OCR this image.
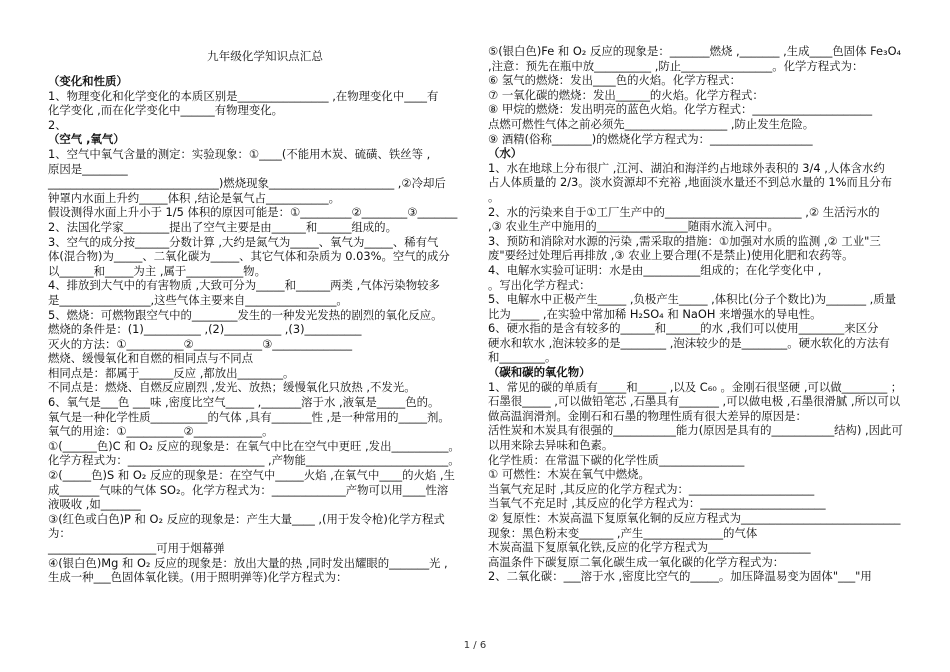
九年级化学知识点汇总

（变化和性质）

1、物理变化和化学变化的本质区别是________________ ,在物理变化中____有

化学变化 ,而在化学变化中______有物理变化。

2、

（空气 ,氧气）

1、空气中氧气含量的测定：实验现象：①____(不能用木炭、硫磺、铁丝等 ,

原因是________

______________________________)燃烧现象______________________ ,②冷却后

钟罩内水面上升约_____体积 ,结论是氧气占___________。

假设测得水面上升小于 1/5 体积的原因可能是：①_________②________③_______

2、法国化学家________提出了空气主要是由______和______组成的。

3、空气的成分按______分数计算 ,大约是氮气为_____、氧气为_____、稀有气

体(混合物)为_____、二氧化碳为_____、其它气体和杂质为 0.03%。空气的成分

以______和_____为主 ,属于__________物。

4、排放到大气中的有害物质 ,大致可分为_____和______两类 ,气体污染物较多

是________________,这些气体主要来自________________。

5、燃烧：可燃物跟空气中的________发生的一种发光发热的剧烈的氧化反应。

燃烧的条件是：(1)__________ ,(2)__________ ,(3)__________

灭火的方法：①__________②____________③______________

燃烧、缓慢氧化和自燃的相同点与不同点

相同点是：都属于______反应 ,都放出________。

不同点是：燃烧、自燃反应剧烈 ,发光、放热；缓慢氧化只放热 ,不发光。

6、氧气是___色 ___味 ,密度比空气_____ ,_______溶于水 ,液氧是_____色的。

氧气是一种化学性质__________的气体 ,具有_______性 ,是一种常用的_____剂。

氧气的用途：①__________②____________。

①(______色)C 和 O₂ 反应的现象是：在氧气中比在空气中更旺 ,发出__________。

化学方程式为：________________________ ,产物能_________________________。

②(_____色)S 和 O₂ 反应的现象是：在空气中_____火焰 ,在氧气中____的火焰 ,生

成_______气味的气体 SO₂。化学方程式为：_____________产物可以用____性溶

液吸收 ,如_______

③(红色或白色)P 和 O₂ 反应的现象是：产生大量____ ,(用于发令枪)化学方程式

为：

___________________可用于烟幕弹

④(银白色)Mg 和 O₂ 反应的现象是：放出大量的热 ,同时发出耀眼的_______光 ,

生成一种___色固体氧化镁。(用于照明弹等)化学方程式为：

⑤(银白色)Fe 和 O₂ 反应的现象是：_______燃烧 ,_______ ,生成____色固体 Fe₃O₄

,注意：预先在瓶中放__________ ,防止________________。化学方程式为：

⑥ 氢气的燃烧：发出____色的火焰。化学方程式：

⑦ 一氧化碳的燃烧：发出______的火焰。化学方程式：

⑧ 甲烷的燃烧：发出明亮的蓝色火焰。化学方程式：_____________________

点燃可燃性气体之前必须先__________________ ,防止发生危险。

⑨ 酒精(俗称_______)的燃烧化学方程式为：__________________

（水）

1、水在地球上分布很广 ,江河、湖泊和海洋约占地球外表积的 3/4 ,人体含水约

占人体质量的 2/3。淡水资源却不充裕 ,地面淡水量还不到总水量的 1%而且分布

。

2、水的污染来自于①工厂生产中的________________________ ,② 生活污水的

,③ 农业生产中施用的________________随雨水流入河中。

3、预防和消除对水源的污染 ,需采取的措施：①加强对水质的监测 ,② 工业"三

废"要经过处理后再排放 ,③ 农业上要合理(不是禁止)使用化肥和农药等。

4、电解水实验可证明：水是由__________组成的；在化学变化中 ,

。写出化学方程式：

5、电解水中正极产生_____ ,负极产生_____ ,体积比(分子个数比)为_______ ,质量

比为_____ ,在实验中常加稀 H₂SO₄ 和 NaOH 来增强水的导电性。

6、硬水指的是含有较多的______和______的水 ,我们可以使用________来区分

硬水和软水 ,泡沫较多的是________ ,泡沫较少的是________。硬水软化的方法有

和________。

（碳和碳的氧化物）

1、常见的碳的单质有_____和_____ ,以及 C₆₀ 。金刚石很坚硬 ,可以做________ ；

石墨很_____ ,可以做铅笔芯 ,石墨具有_______ ,可以做电极 ,石墨很滑腻 ,所以可以

做高温润滑剂。金刚石和石墨的物理性质有很大差异的原因是：

活性炭和木炭具有很强的___________能力(原因是具有的___________结构) ,因此可

以用来除去异味和色素。

化学性质：在常温下碳的化学性质_______________

① 可燃性：木炭在氧气中燃烧。

当氧气充足时 ,其反应的化学方程式为：______________________

当氧气不充足时 ,其反应的化学方程式为：______________________

② 复原性：木炭高温下复原氧化铜的反应方程式为____________________________

现象：黑色粉末变______ ,产生______________的气体

木炭高温下复原氧化铁,反应的化学方程式为__________________

高温条件下碳复原二氧化碳生成一氧化碳的化学方程式为：

2、二氧化碳：___溶于水 ,密度比空气的_____。加压降温易变为固体"___"用

1 / 6
